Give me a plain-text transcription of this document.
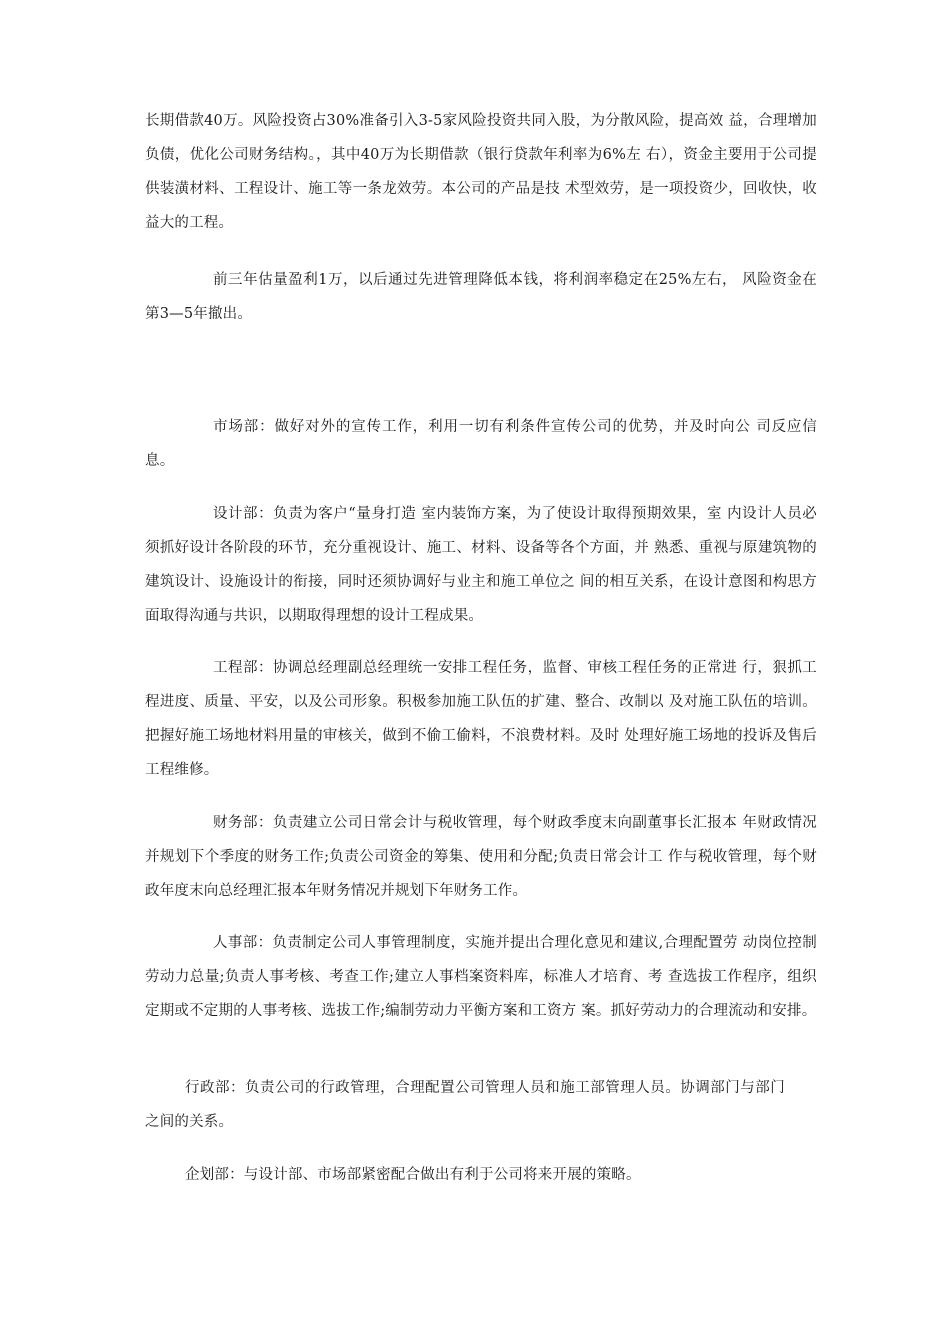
长期借款40万。风险投资占30%准备引入3-5家风险投资共同入股，为分散风险，提高效 益，合理增加负债，优化公司财务结构。，其中40万为长期借款（银行贷款年利率为6%左 右），资金主要用于公司提供装潢材料、工程设计、施工等一条龙效劳。本公司的产品是技 术型效劳，是一项投资少，回收快，收益大的工程。

前三年估量盈利1万，以后通过先进管理降低本钱，将利润率稳定在25%左右， 风险资金在第3—5年撤出。

市场部：做好对外的宣传工作，利用一切有利条件宣传公司的优势，并及时向公 司反应信息。

设计部：负责为客户“量身打造 室内装饰方案，为了使设计取得预期效果，室 内设计人员必须抓好设计各阶段的环节，充分重视设计、施工、材料、设备等各个方面，并 熟悉、重视与原建筑物的建筑设计、设施设计的衔接，同时还须协调好与业主和施工单位之 间的相互关系，在设计意图和构思方面取得沟通与共识，以期取得理想的设计工程成果。

工程部：协调总经理副总经理统一安排工程任务，监督、审核工程任务的正常进 行，狠抓工程进度、质量、平安，以及公司形象。积极参加施工队伍的扩建、整合、改制以 及对施工队伍的培训。把握好施工场地材料用量的审核关，做到不偷工偷料，不浪费材料。及时 处理好施工场地的投诉及售后工程维修。

财务部：负责建立公司日常会计与税收管理，每个财政季度末向副董事长汇报本 年财政情况并规划下个季度的财务工作;负责公司资金的筹集、使用和分配;负责日常会计工 作与税收管理，每个财政年度末向总经理汇报本年财务情况并规划下年财务工作。

人事部：负责制定公司人事管理制度，实施并提出合理化意见和建议,合理配置劳 动岗位控制劳动力总量;负责人事考核、考查工作;建立人事档案资料库，标准人才培育、考 查选拔工作程序，组织定期或不定期的人事考核、选拔工作;编制劳动力平衡方案和工资方 案。抓好劳动力的合理流动和安排。

行政部：负责公司的行政管理，合理配置公司管理人员和施工部管理人员。协调部门与部门之间的关系。

企划部：与设计部、市场部紧密配合做出有利于公司将来开展的策略。
